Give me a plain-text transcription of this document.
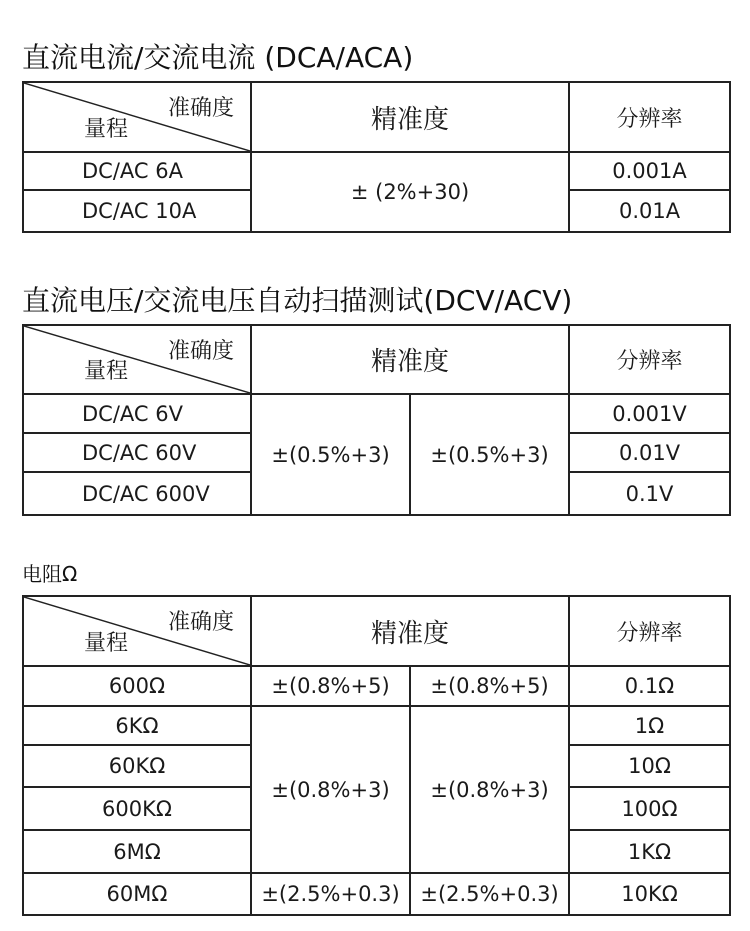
直流电流/交流电流 (DCA/ACA)
准确度
量程	精准度	分辨率
DC/AC 6A	± (2%+30)	0.001A
DC/AC 10A		0.01A
直流电压/交流电压自动扫描测试(DCV/ACV)
准确度
量程	精准度		分辨率
DC/AC 6V	±(0.5%+3)	±(0.5%+3)	0.001V
DC/AC 60V			0.01V
DC/AC 600V			0.1V
电阻Ω
准确度
量程	精准度		分辨率
600Ω	±(0.8%+5)	±(0.8%+5)	0.1Ω
6KΩ	±(0.8%+3)	±(0.8%+3)	1Ω
60KΩ			10Ω
600KΩ			100Ω
6MΩ			1KΩ
60MΩ	±(2.5%+0.3)	±(2.5%+0.3)	10KΩ
